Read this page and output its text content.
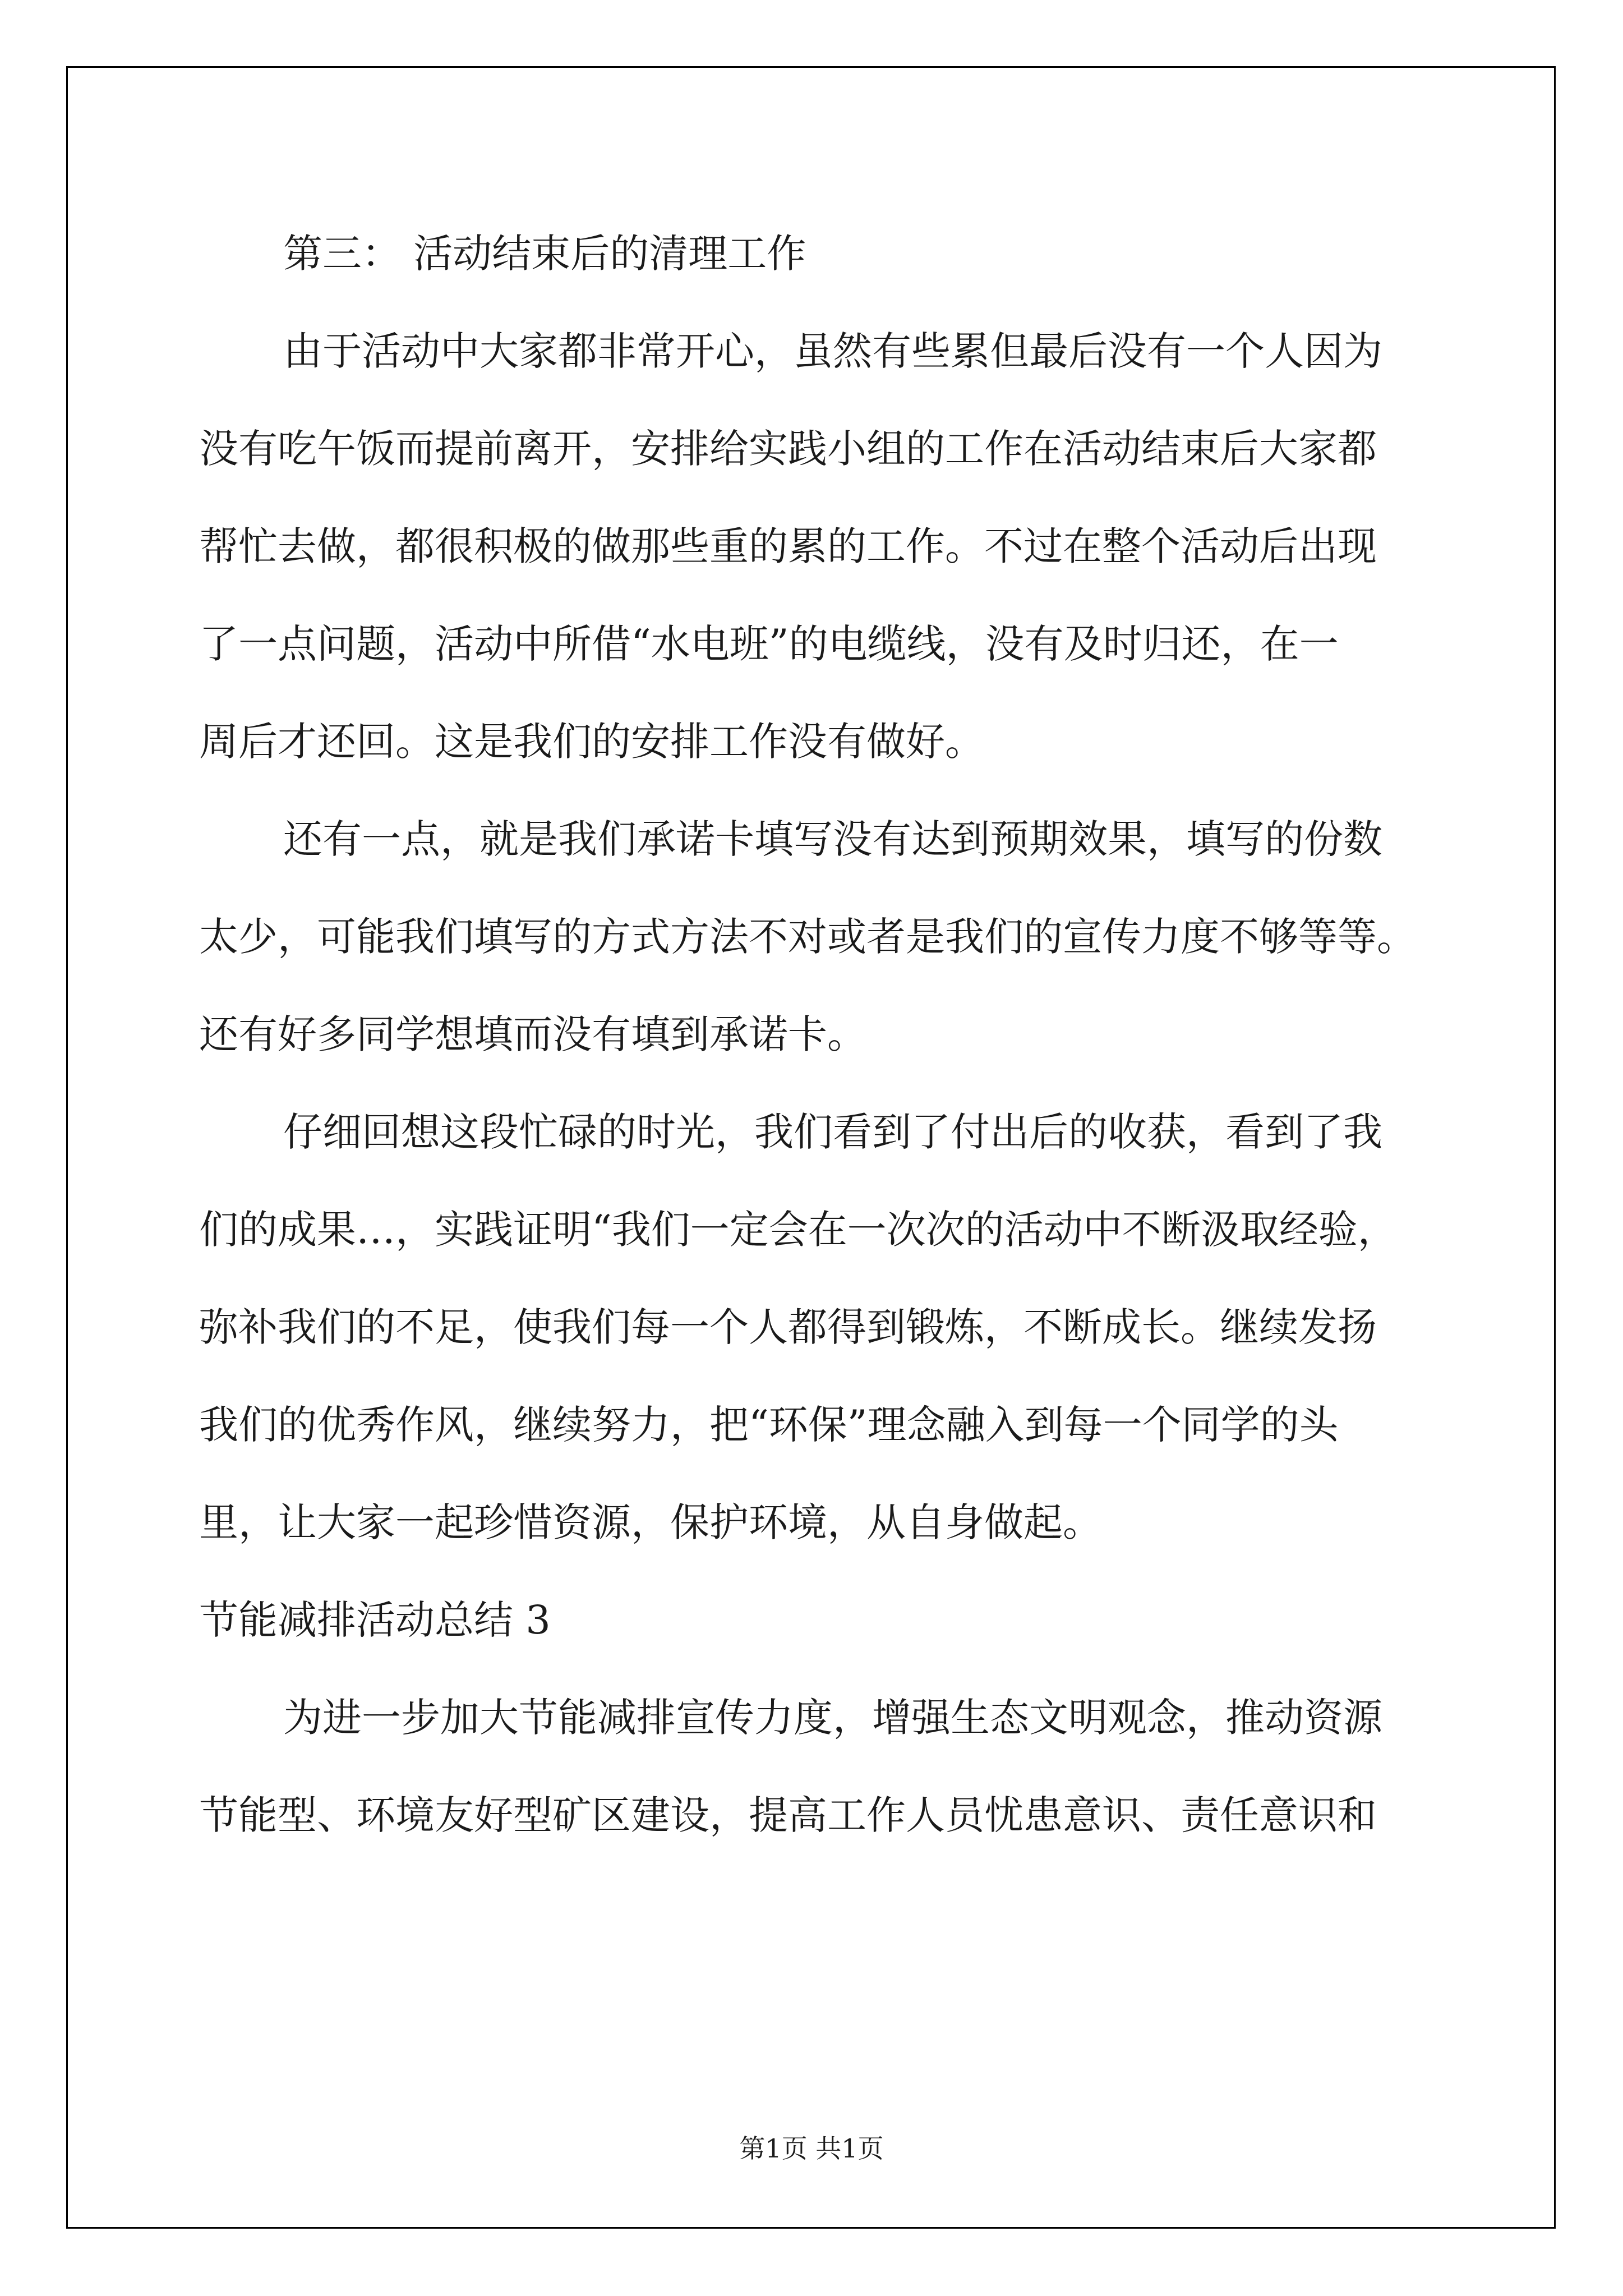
第三： 活动结束后的清理工作
由于活动中大家都非常开心，虽然有些累但最后没有一个人因为
没有吃午饭而提前离开，安排给实践小组的工作在活动结束后大家都
帮忙去做，都很积极的做那些重的累的工作。不过在整个活动后出现
了一点问题，活动中所借“水电班”的电缆线，没有及时归还，在一
周后才还回。这是我们的安排工作没有做好。
还有一点，就是我们承诺卡填写没有达到预期效果，填写的份数
太少，可能我们填写的方式方法不对或者是我们的宣传力度不够等等。
还有好多同学想填而没有填到承诺卡。
仔细回想这段忙碌的时光，我们看到了付出后的收获，看到了我
们的成果…，实践证明“我们一定会在一次次的活动中不断汲取经验，
弥补我们的不足，使我们每一个人都得到锻炼，不断成长。继续发扬
我们的优秀作风，继续努力，把“环保”理念融入到每一个同学的头
里，让大家一起珍惜资源，保护环境，从自身做起。
节能减排活动总结 3
为进一步加大节能减排宣传力度，增强生态文明观念，推动资源
节能型、环境友好型矿区建设，提高工作人员忧患意识、责任意识和
第1页 共1页
